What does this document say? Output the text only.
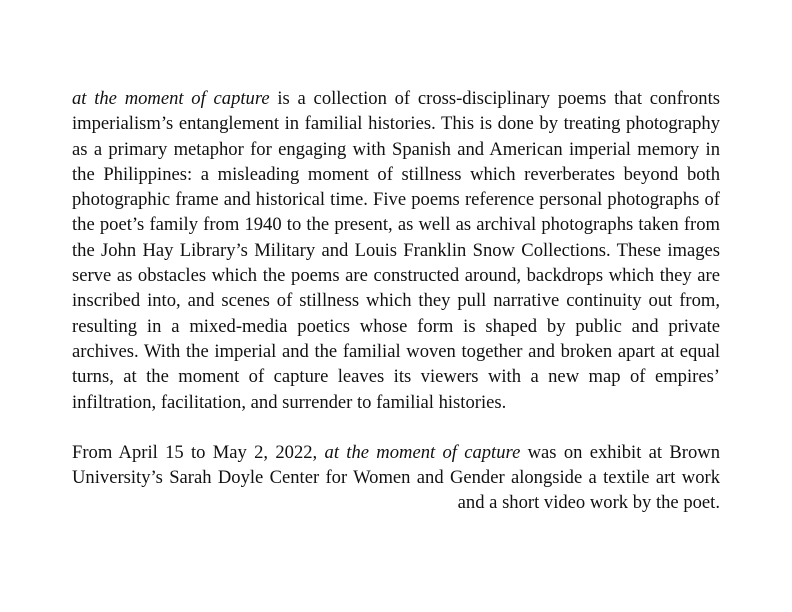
at the moment of capture is a collection of cross-disciplinary poems that confronts imperialism’s entanglement in familial histories. This is done by treating photography as a primary metaphor for engaging with Spanish and American imperial memory in the Philippines: a misleading moment of stillness which reverberates beyond both photographic frame and historical time. Five poems reference personal photographs of the poet’s family from 1940 to the present, as well as archival photographs taken from the John Hay Library’s Military and Louis Franklin Snow Collections. These images serve as obstacles which the poems are constructed around, backdrops which they are inscribed into, and scenes of stillness which they pull narrative continuity out from, resulting in a mixed-media poetics whose form is shaped by public and private archives. With the imperial and the familial woven together and broken apart at equal turns, at the moment of capture leaves its viewers with a new map of empires’ infiltration, facilitation, and surrender to familial histories.

From April 15 to May 2, 2022, at the moment of capture was on exhibit at Brown University’s Sarah Doyle Center for Women and Gender alongside a textile art work and a short video work by the poet.
